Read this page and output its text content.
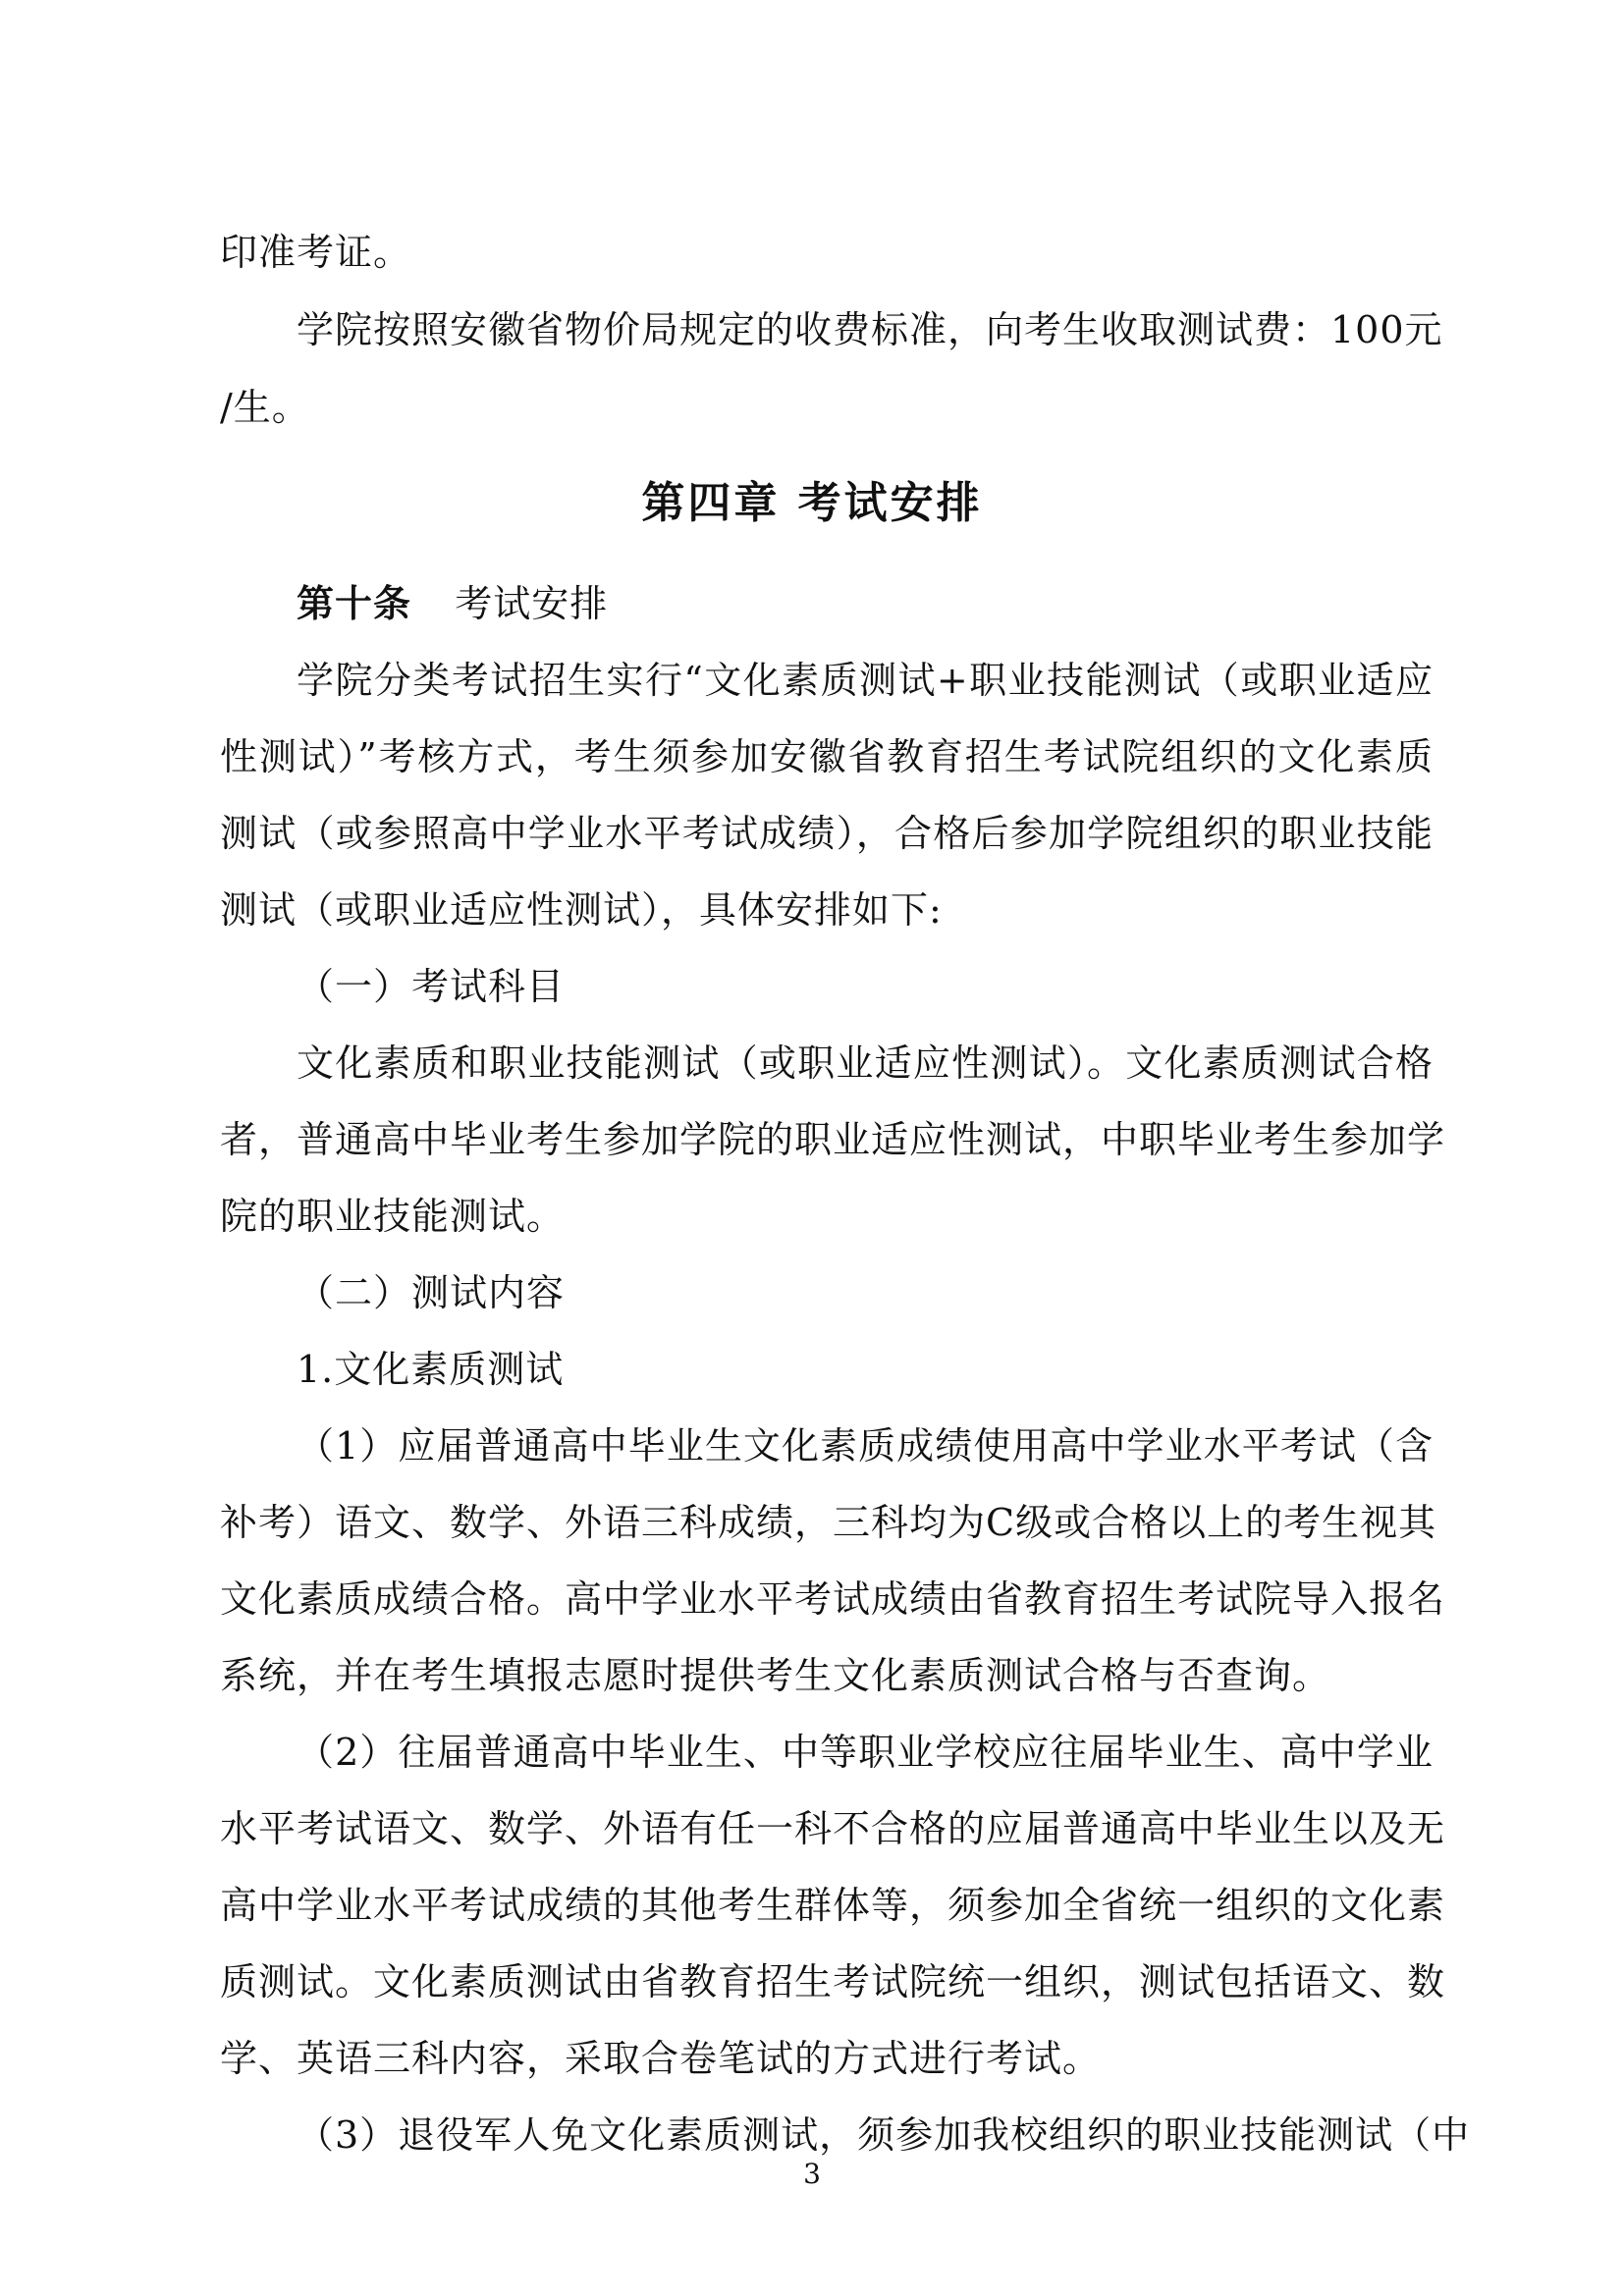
印准考证。
学院按照安徽省物价局规定的收费标准，向考生收取测试费：100元
/生。
第四章 考试安排
第十条 考试安排
学院分类考试招生实行“文化素质测试+职业技能测试（或职业适应
性测试）”考核方式，考生须参加安徽省教育招生考试院组织的文化素质
测试（或参照高中学业水平考试成绩），合格后参加学院组织的职业技能
测试（或职业适应性测试），具体安排如下:
（一）考试科目
文化素质和职业技能测试（或职业适应性测试）。文化素质测试合格
者，普通高中毕业考生参加学院的职业适应性测试，中职毕业考生参加学
院的职业技能测试。
（二）测试内容
1.文化素质测试
（1）应届普通高中毕业生文化素质成绩使用高中学业水平考试（含
补考）语文、数学、外语三科成绩，三科均为C级或合格以上的考生视其
文化素质成绩合格。高中学业水平考试成绩由省教育招生考试院导入报名
系统，并在考生填报志愿时提供考生文化素质测试合格与否查询。
（2）往届普通高中毕业生、中等职业学校应往届毕业生、高中学业
水平考试语文、数学、外语有任一科不合格的应届普通高中毕业生以及无
高中学业水平考试成绩的其他考生群体等，须参加全省统一组织的文化素
质测试。文化素质测试由省教育招生考试院统一组织，测试包括语文、数
学、英语三科内容，采取合卷笔试的方式进行考试。
（3）退役军人免文化素质测试，须参加我校组织的职业技能测试（中
3
